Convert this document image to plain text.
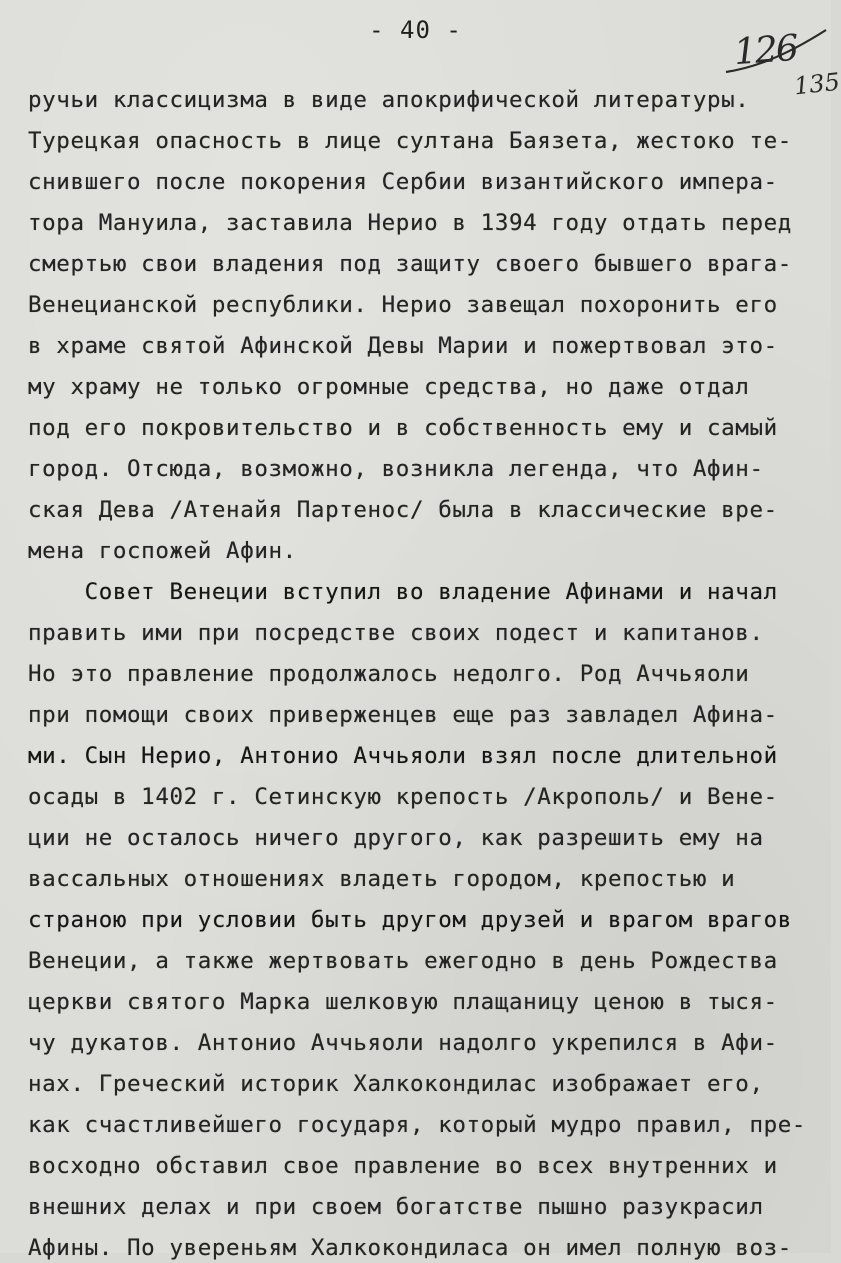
- 40 -	126
135
ручьи классицизма в виде апокрифической литературы.
Турецкая опасность в лице султана Баязета, жестоко те-
снившего после покорения Сербии византийского импера-
тора Мануила, заставила Нерио в 1394 году отдать перед
смертью свои владения под защиту своего бывшего врага-
Венецианской республики. Нерио завещал похоронить его
в храме святой Афинской Девы Марии и пожертвовал это-
му храму не только огромные средства, но даже отдал
под его покровительство и в собственность ему и самый
город. Отсюда, возможно, возникла легенда, что Афин-
ская Дева /Атенайя Партенос/ была в классические вре-
мена госпожей Афин.
Совет Венеции вступил во владение Афинами и начал
править ими при посредстве своих подест и капитанов.
Но это правление продолжалось недолго. Род Аччьяоли
при помощи своих приверженцев еще раз завладел Афина-
ми. Сын Нерио, Антонио Аччьяоли взял после длительной
осады в 1402 г. Сетинскую крепость /Акрополь/ и Вене-
ции не осталось ничего другого, как разрешить ему на
вассальных отношениях владеть городом, крепостью и
страною при условии быть другом друзей и врагом врагов
Венеции, а также жертвовать ежегодно в день Рождества
церкви святого Марка шелковую плащаницу ценою в тыся-
чу дукатов. Антонио Аччьяоли надолго укрепился в Афи-
нах. Греческий историк Халкокондилас изображает его,
как счастливейшего государя, который мудро правил, пре-
восходно обставил свое правление во всех внутренних и
внешних делах и при своем богатстве пышно разукрасил
Афины. По увереньям Халкокондиласа он имел полную воз-
